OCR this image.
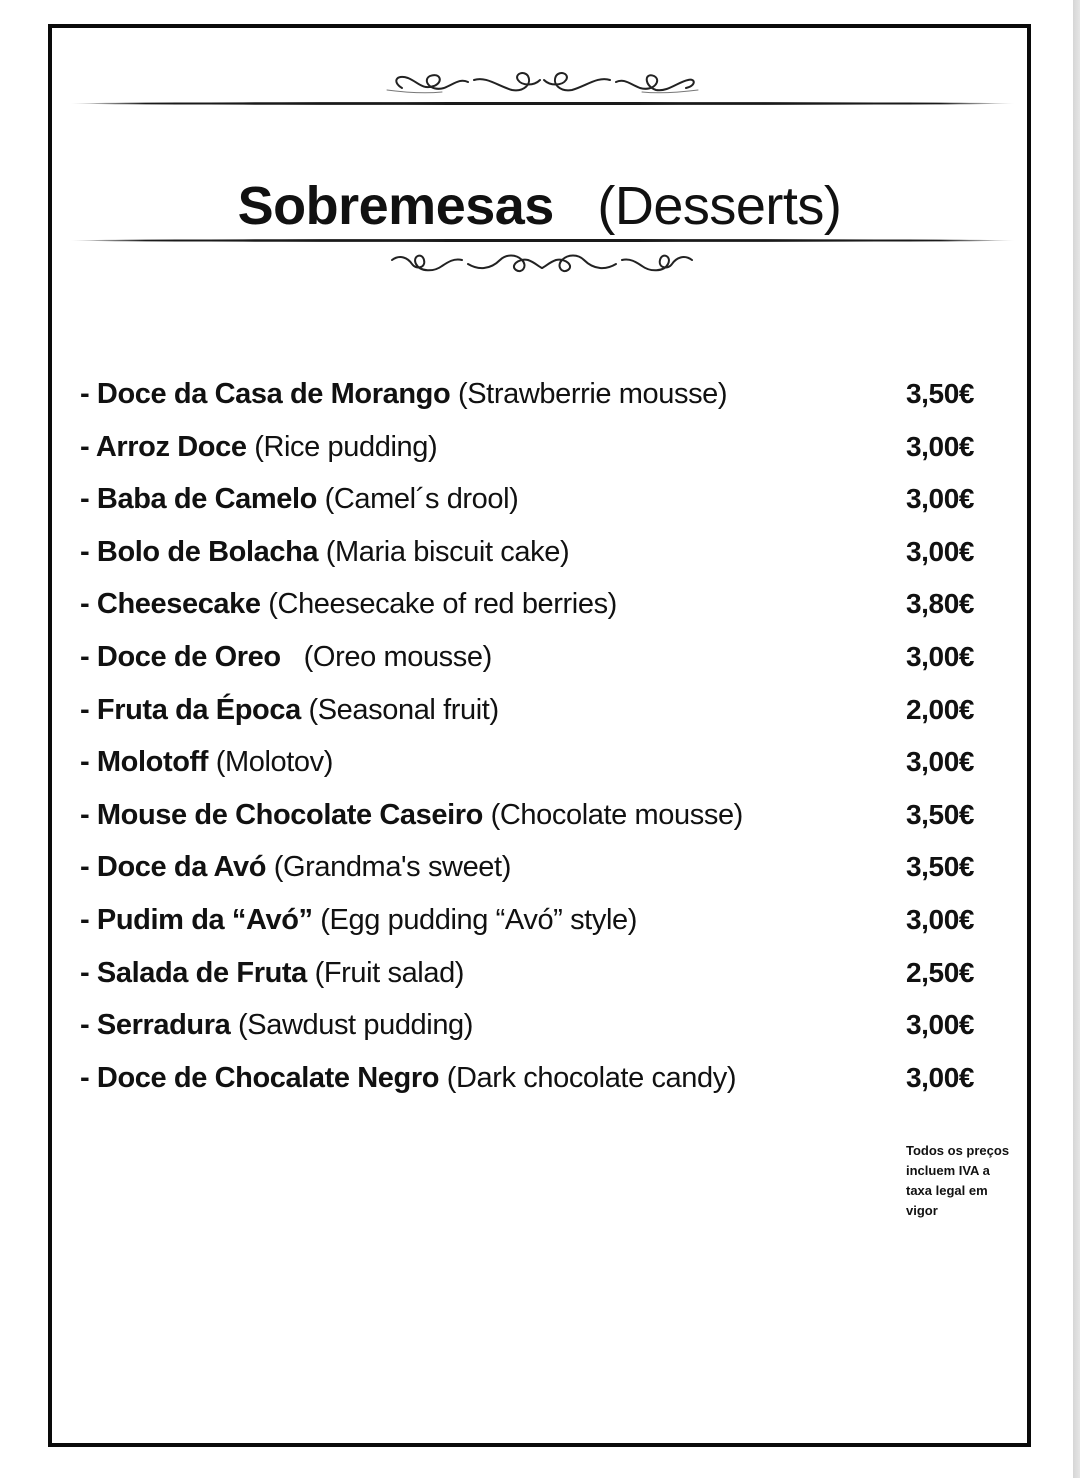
Sobremesas (Desserts)
- Doce da Casa de Morango (Strawberrie mousse)	3,50€
- Arroz Doce (Rice pudding)	3,00€
- Baba de Camelo (Camel´s drool)	3,00€
- Bolo de Bolacha (Maria biscuit cake)	3,00€
- Cheesecake (Cheesecake of red berries)	3,80€
- Doce de Oreo (Oreo mousse)	3,00€
- Fruta da Época (Seasonal fruit)	2,00€
- Molotoff (Molotov)	3,00€
- Mouse de Chocolate Caseiro (Chocolate mousse)	3,50€
- Doce da Avó (Grandma's sweet)	3,50€
- Pudim da “Avó” (Egg pudding “Avó” style)	3,00€
- Salada de Fruta (Fruit salad)	2,50€
- Serradura (Sawdust pudding)	3,00€
- Doce de Chocalate Negro (Dark chocolate candy)	3,00€

Todos os preços incluem IVA a taxa legal em vigor
